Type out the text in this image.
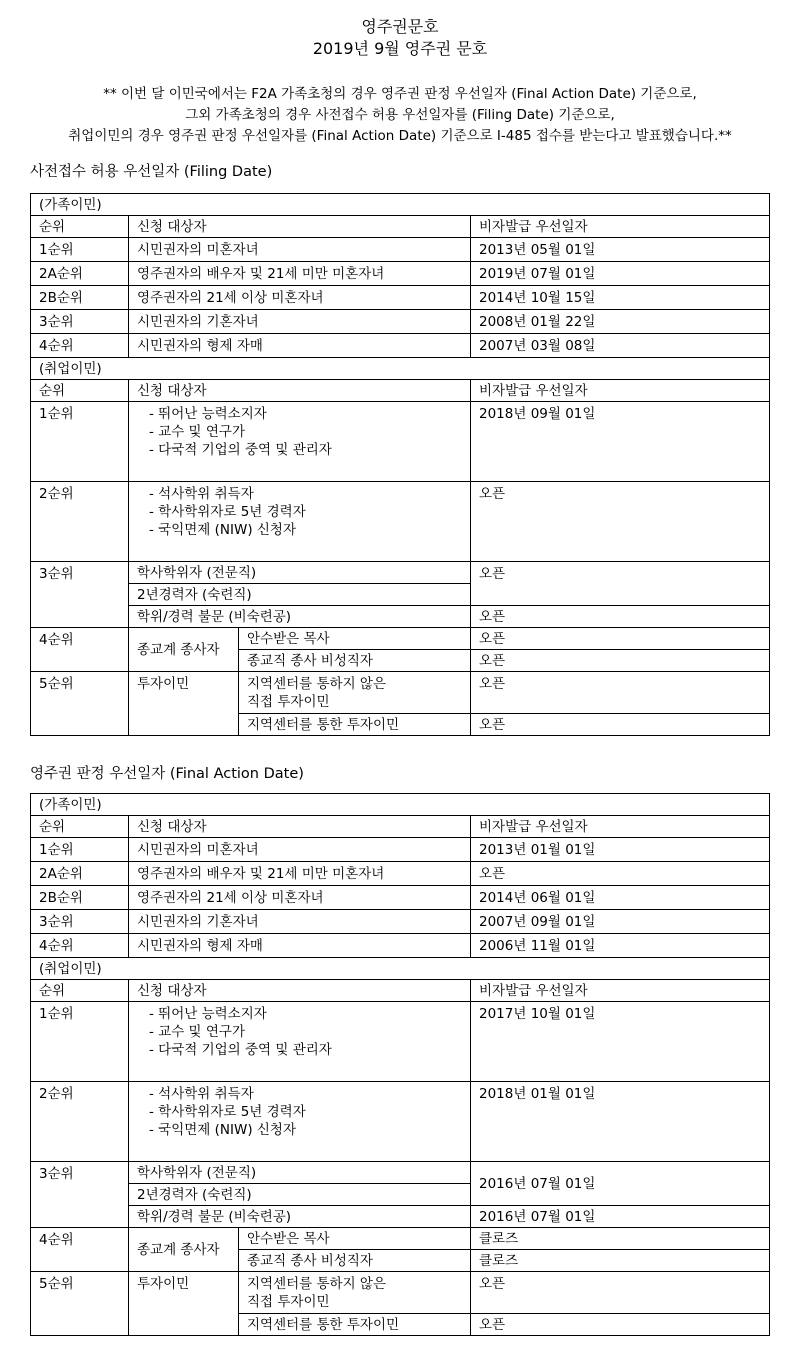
영주권문호
2019년 9월 영주권 문호
** 이번 달 이민국에서는 F2A 가족초청의 경우 영주권 판정 우선일자 (Final Action Date) 기준으로,
그외 가족초청의 경우 사전접수 허용 우선일자를 (Filing Date) 기준으로,
취업이민의 경우 영주권 판정 우선일자를 (Final Action Date) 기준으로 I-485 접수를 받는다고 발표했습니다.**
사전접수 허용 우선일자 (Filing Date)
(가족이민)		
순위	신청 대상자	비자발급 우선일자
1순위	시민권자의 미혼자녀	2013년 05월 01일
2A순위	영주권자의 배우자 및 21세 미만 미혼자녀	2019년 07월 01일
2B순위	영주권자의 21세 이상 미혼자녀	2014년 10월 15일
3순위	시민권자의 기혼자녀	2008년 01월 22일
4순위	시민권자의 형제 자매	2007년 03월 08일
(취업이민)			
순위	신청 대상자		비자발급 우선일자
1순위	- 뛰어난 능력소지자
- 교수 및 연구가
- 다국적 기업의 중역 및 관리자		2018년 09월 01일
2순위	- 석사학위 취득자
- 학사학위자로 5년 경력자
- 국익면제 (NIW) 신청자		오픈
3순위	학사학위자 (전문직)		오픈
	2년경력자 (숙련직)		
	학위/경력 불문 (비숙련공)		오픈
4순위	종교계 종사자	안수받은 목사	오픈
		종교직 종사 비성직자	오픈
5순위	투자이민	지역센터를 통하지 않은
직접 투자이민	오픈
		지역센터를 통한 투자이민	오픈
영주권 판정 우선일자 (Final Action Date)
(가족이민)		
순위	신청 대상자	비자발급 우선일자
1순위	시민권자의 미혼자녀	2013년 01월 01일
2A순위	영주권자의 배우자 및 21세 미만 미혼자녀	오픈
2B순위	영주권자의 21세 이상 미혼자녀	2014년 06월 01일
3순위	시민권자의 기혼자녀	2007년 09월 01일
4순위	시민권자의 형제 자매	2006년 11월 01일
(취업이민)			
순위	신청 대상자		비자발급 우선일자
1순위	- 뛰어난 능력소지자
- 교수 및 연구가
- 다국적 기업의 중역 및 관리자		2017년 10월 01일
2순위	- 석사학위 취득자
- 학사학위자로 5년 경력자
- 국익면제 (NIW) 신청자		2018년 01월 01일
3순위	학사학위자 (전문직)		2016년 07월 01일
	2년경력자 (숙련직)		
	학위/경력 불문 (비숙련공)		2016년 07월 01일
4순위	종교계 종사자	안수받은 목사	클로즈
		종교직 종사 비성직자	클로즈
5순위	투자이민	지역센터를 통하지 않은
직접 투자이민	오픈
		지역센터를 통한 투자이민	오픈
